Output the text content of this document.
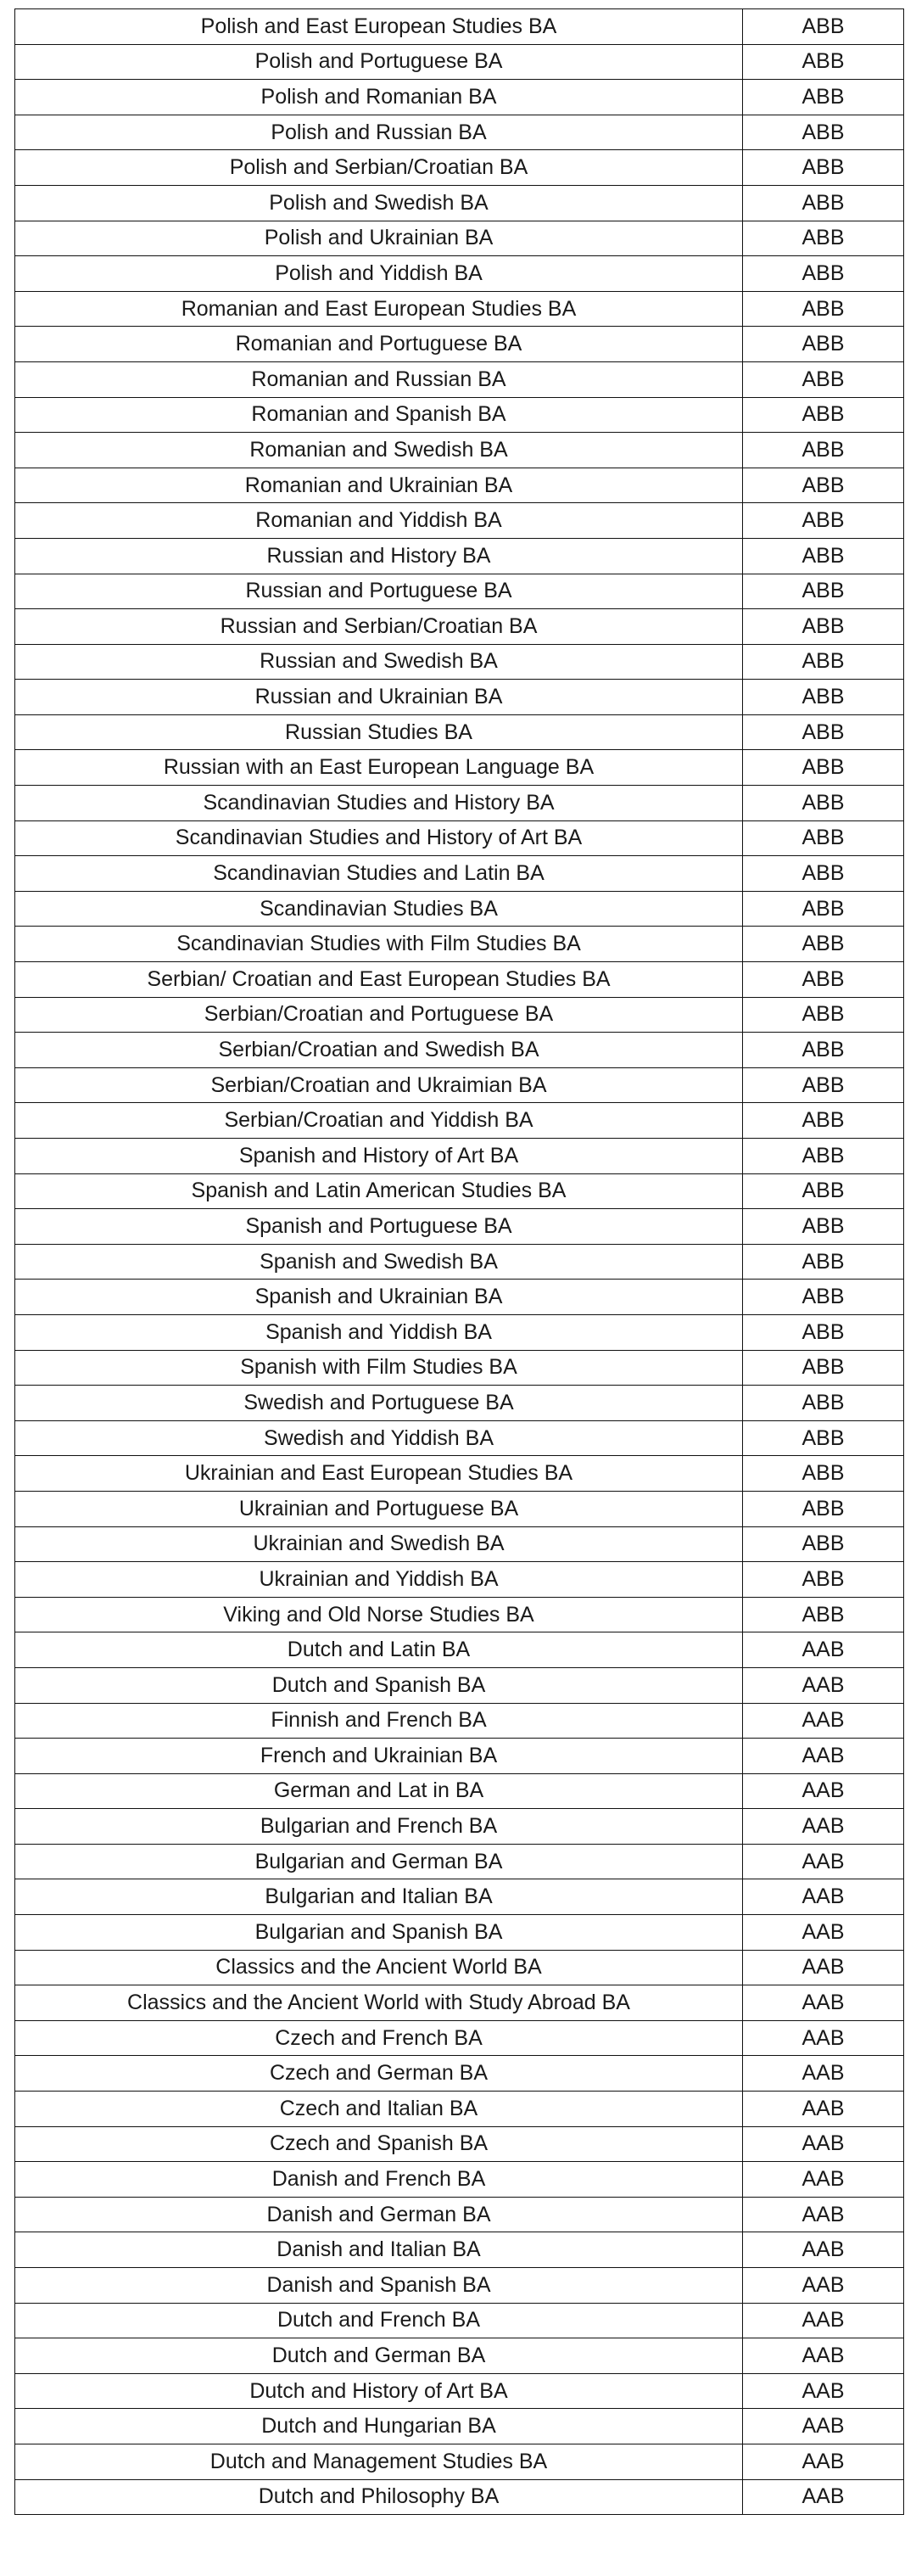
Polish and East European Studies BA	ABB
Polish and Portuguese BA	ABB
Polish and Romanian BA	ABB
Polish and Russian BA	ABB
Polish and Serbian/Croatian BA	ABB
Polish and Swedish BA	ABB
Polish and Ukrainian BA	ABB
Polish and Yiddish BA	ABB
Romanian and East European Studies BA	ABB
Romanian and Portuguese BA	ABB
Romanian and Russian BA	ABB
Romanian and Spanish BA	ABB
Romanian and Swedish BA	ABB
Romanian and Ukrainian BA	ABB
Romanian and Yiddish BA	ABB
Russian and History BA	ABB
Russian and Portuguese BA	ABB
Russian and Serbian/Croatian BA	ABB
Russian and Swedish BA	ABB
Russian and Ukrainian BA	ABB
Russian Studies BA	ABB
Russian with an East European Language BA	ABB
Scandinavian Studies and History BA	ABB
Scandinavian Studies and History of Art BA	ABB
Scandinavian Studies and Latin BA	ABB
Scandinavian Studies BA	ABB
Scandinavian Studies with Film Studies BA	ABB
Serbian/ Croatian and East European Studies BA	ABB
Serbian/Croatian and Portuguese BA	ABB
Serbian/Croatian and Swedish BA	ABB
Serbian/Croatian and Ukraimian BA	ABB
Serbian/Croatian and Yiddish BA	ABB
Spanish and History of Art BA	ABB
Spanish and Latin American Studies BA	ABB
Spanish and Portuguese BA	ABB
Spanish and Swedish BA	ABB
Spanish and Ukrainian BA	ABB
Spanish and Yiddish BA	ABB
Spanish with Film Studies BA	ABB
Swedish and Portuguese BA	ABB
Swedish and Yiddish BA	ABB
Ukrainian and East European Studies BA	ABB
Ukrainian and Portuguese BA	ABB
Ukrainian and Swedish BA	ABB
Ukrainian and Yiddish BA	ABB
Viking and Old Norse Studies BA	ABB
Dutch and Latin BA	AAB
Dutch and Spanish BA	AAB
Finnish and French BA	AAB
French and Ukrainian BA	AAB
German and Lat in BA	AAB
Bulgarian and French BA	AAB
Bulgarian and German BA	AAB
Bulgarian and Italian BA	AAB
Bulgarian and Spanish BA	AAB
Classics and the Ancient World BA	AAB
Classics and the Ancient World with Study Abroad BA	AAB
Czech and French BA	AAB
Czech and German BA	AAB
Czech and Italian BA	AAB
Czech and Spanish BA	AAB
Danish and French BA	AAB
Danish and German BA	AAB
Danish and Italian BA	AAB
Danish and Spanish BA	AAB
Dutch and French BA	AAB
Dutch and German BA	AAB
Dutch and History of Art BA	AAB
Dutch and Hungarian BA	AAB
Dutch and Management Studies BA	AAB
Dutch and Philosophy BA	AAB
